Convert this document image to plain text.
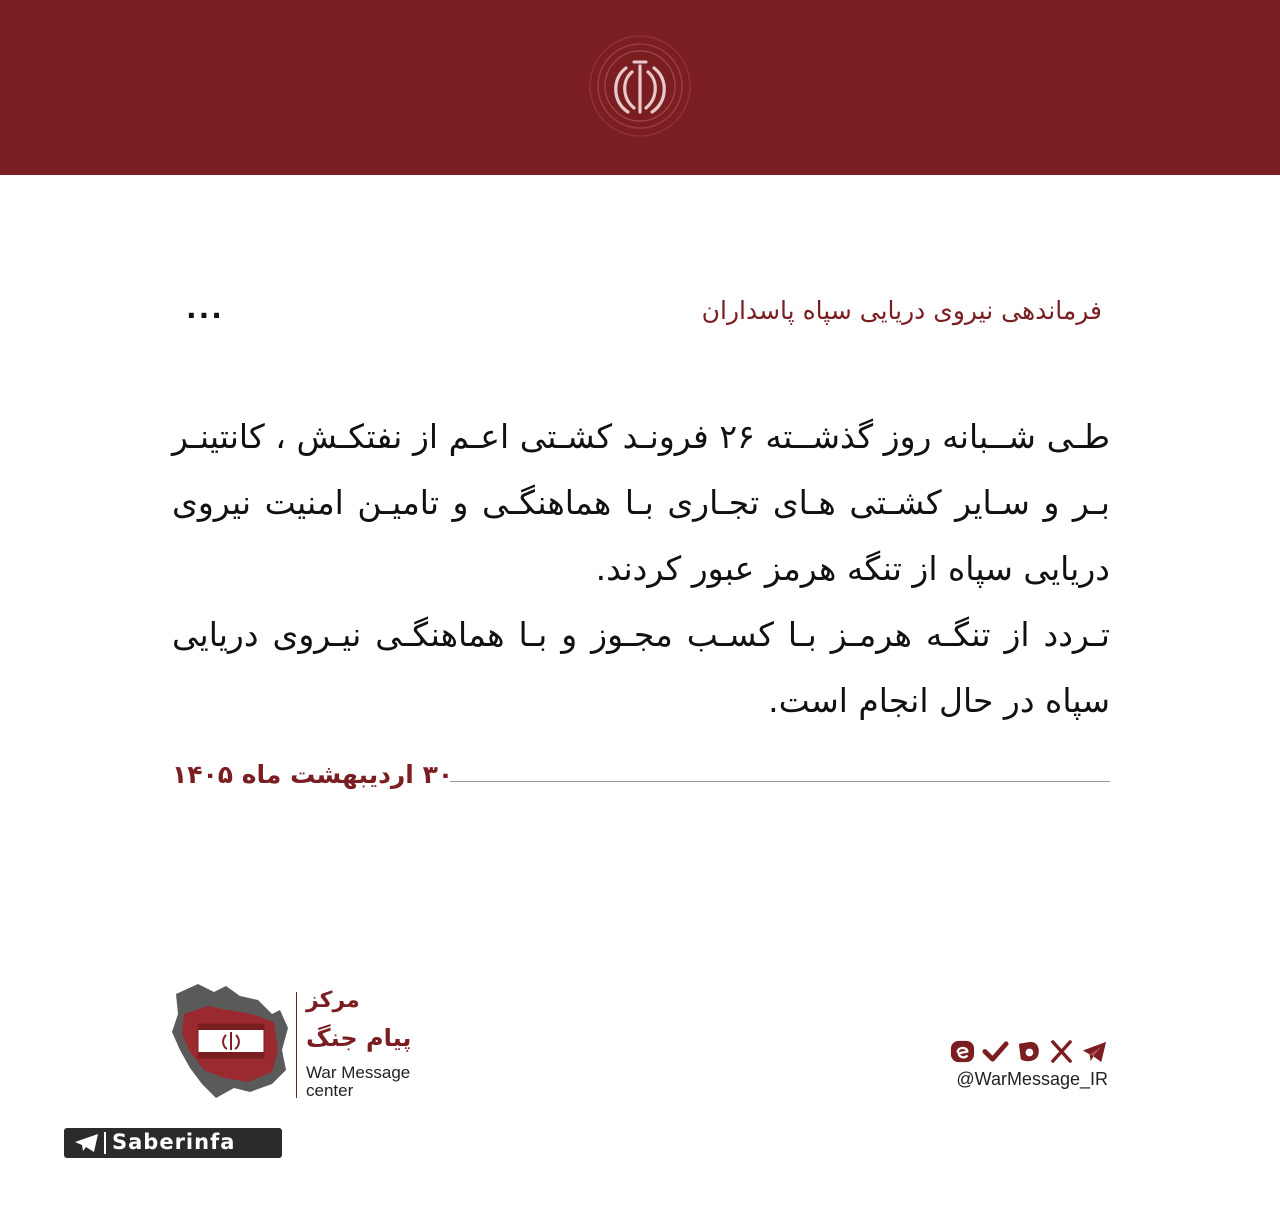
...	فرماندهی نیروی دریایی سپاه پاسداران

طـی شــبانه روز گذشــته ۲۶ فرونـد کشـتی اعـم از نفتکـش ، کانتینـر بـر و سـایر کشـتی هـای تجـاری بـا هماهنگـی و تامیـن امنیت نیروی دریایی سپاه از تنگه هرمز عبور کردند.

تـردد از تنگـه هرمـز بـا کسـب مجـوز و بـا هماهنگـی نیـروی دریایی سپاه در حال انجام است.

۳۰ اردیبهشت ماه ۱۴۰۵
مرکز
پیام جنگ
War Message
center
@WarMessage_IR
Saberinfa
